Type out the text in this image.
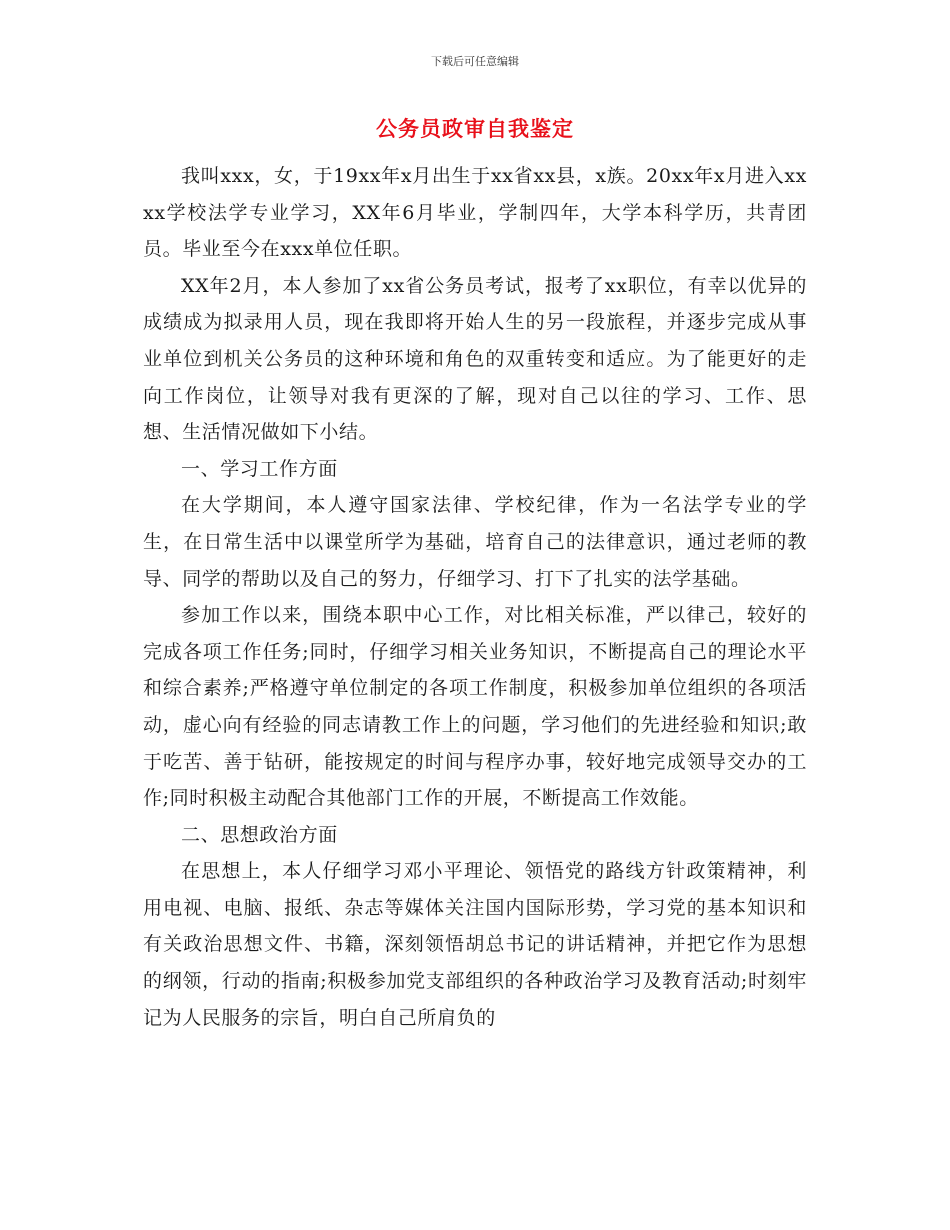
下载后可任意编辑
公务员政审自我鉴定

我叫xxx，女，于19xx年x月出生于xx省xx县，x族。20xx年x月进入xxxx学校法学专业学习，XX年6月毕业，学制四年，大学本科学历，共青团员。毕业至今在xxx单位任职。

XX年2月，本人参加了xx省公务员考试，报考了xx职位，有幸以优异的成绩成为拟录用人员，现在我即将开始人生的另一段旅程，并逐步完成从事业单位到机关公务员的这种环境和角色的双重转变和适应。为了能更好的走向工作岗位，让领导对我有更深的了解，现对自己以往的学习、工作、思想、生活情况做如下小结。

一、学习工作方面

在大学期间，本人遵守国家法律、学校纪律，作为一名法学专业的学生，在日常生活中以课堂所学为基础，培育自己的法律意识，通过老师的教导、同学的帮助以及自己的努力，仔细学习、打下了扎实的法学基础。

参加工作以来，围绕本职中心工作，对比相关标准，严以律己，较好的完成各项工作任务;同时，仔细学习相关业务知识，不断提高自己的理论水平和综合素养;严格遵守单位制定的各项工作制度，积极参加单位组织的各项活动，虚心向有经验的同志请教工作上的问题，学习他们的先进经验和知识;敢于吃苦、善于钻研，能按规定的时间与程序办事，较好地完成领导交办的工作;同时积极主动配合其他部门工作的开展，不断提高工作效能。

二、思想政治方面

在思想上，本人仔细学习邓小平理论、领悟党的路线方针政策精神，利用电视、电脑、报纸、杂志等媒体关注国内国际形势，学习党的基本知识和有关政治思想文件、书籍，深刻领悟胡总书记的讲话精神，并把它作为思想的纲领，行动的指南;积极参加党支部组织的各种政治学习及教育活动;时刻牢记为人民服务的宗旨，明白自己所肩负的
